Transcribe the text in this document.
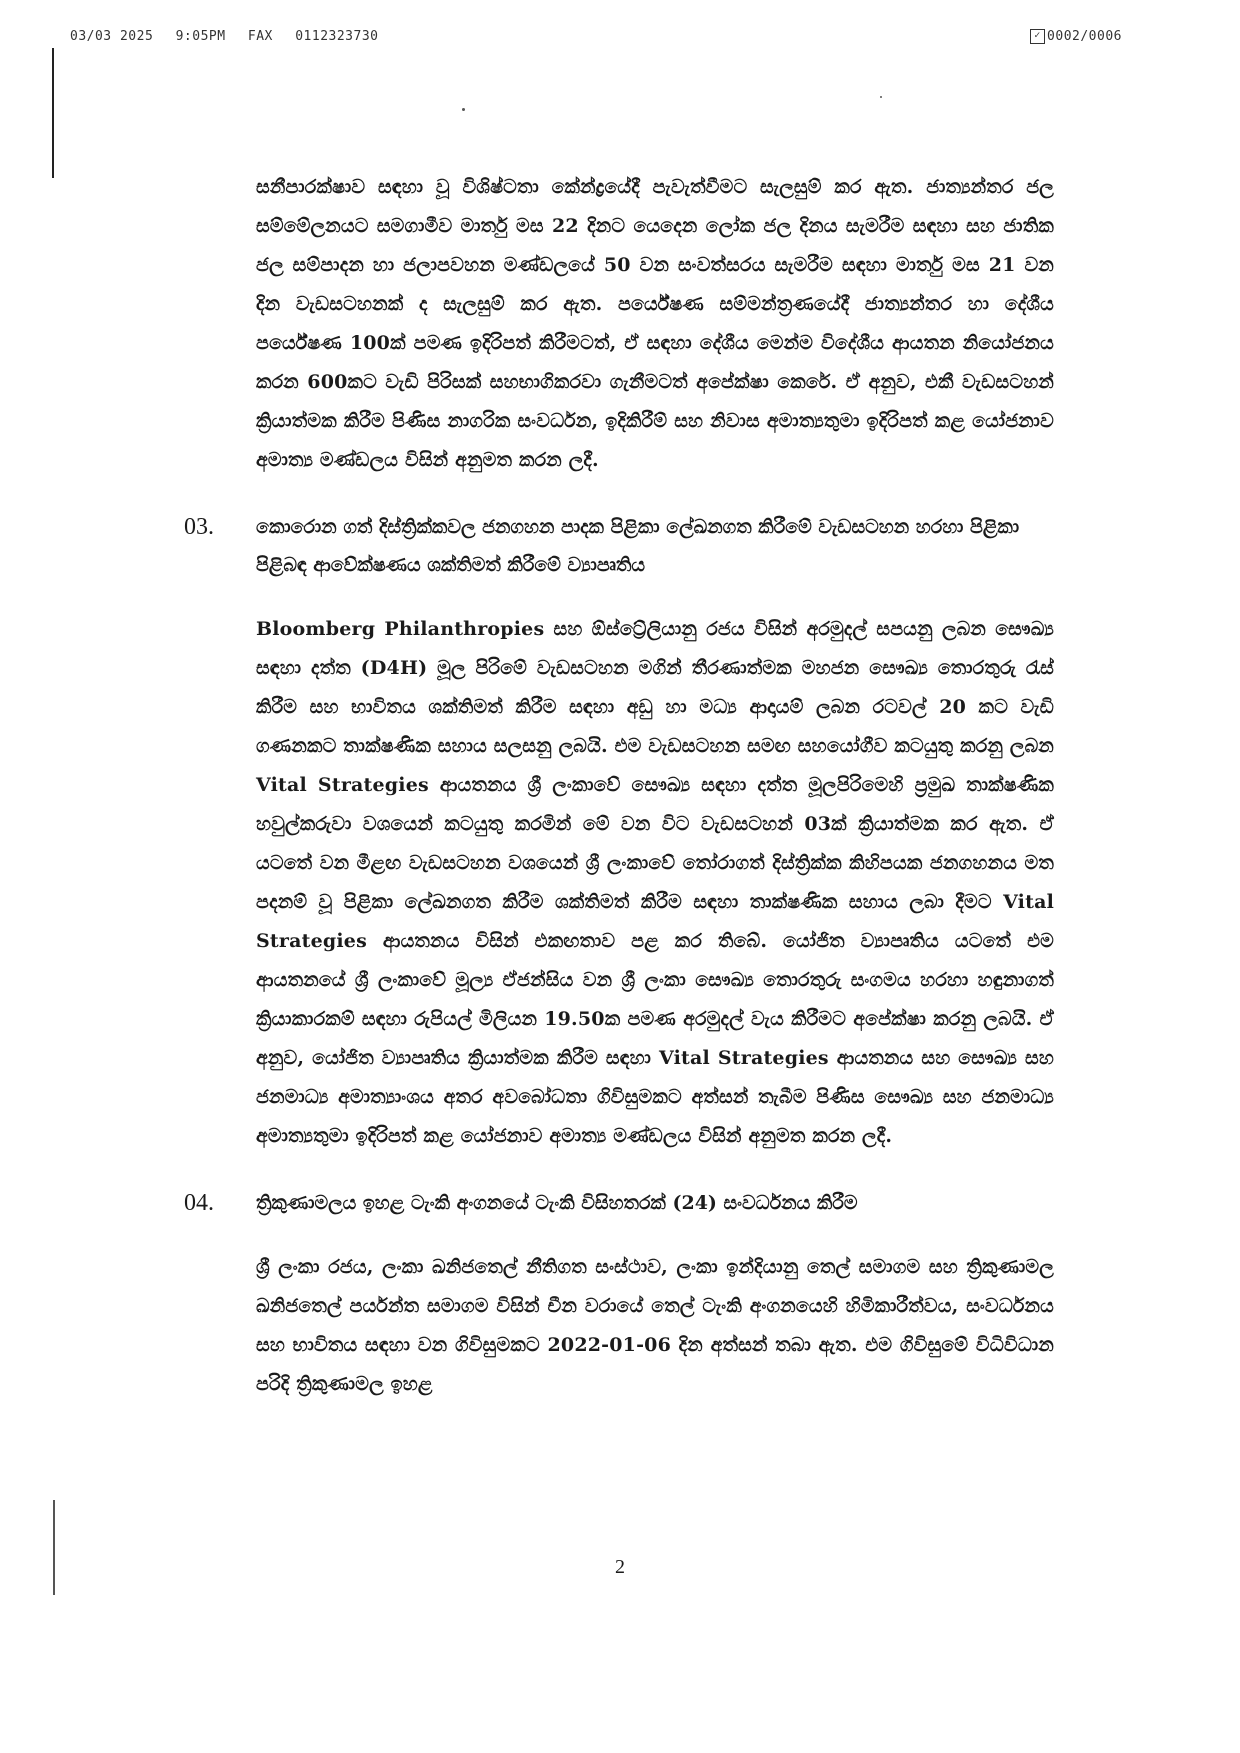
03/03 2025 9:05PM FAX 0112323730	✓ 0002/0006

සනීපාරක්ෂාව සඳහා වූ විශිෂ්ටතා කේන්ද්‍රයේදී පැවැත්වීමට සැලසුම් කර ඇත. ජාත්‍යන්තර ජල සම්මේලනයට සමගාමීව මාර්තු මස 22 දිනට යෙදෙන ලෝක ජල දිනය සැමරීම සඳහා සහ ජාතික ජල සම්පාදන හා ජලාපවහන මණ්ඩලයේ 50 වන සංවත්සරය සැමරීම සඳහා මාර්තු මස 21 වන දින වැඩසටහනක් ද සැලසුම් කර ඇත. පර්යේෂණ සම්මන්ත්‍රණයේදී ජාත්‍යන්තර හා දේශීය පර්යේෂණ 100ක් පමණ ඉදිරිපත් කිරීමටත්, ඒ සඳහා දේශීය මෙන්ම විදේශීය ආයතන නියෝජනය කරන 600කට වැඩි පිරිසක් සහභාගිකරවා ගැනීමටත් අපේක්ෂා කෙරේ. ඒ අනුව, එකී වැඩසටහන් ක්‍රියාත්මක කිරීම පිණිස නාගරික සංවර්ධන, ඉදිකිරීම් සහ නිවාස අමාත්‍යතුමා ඉදිරිපත් කළ යෝජනාව අමාත්‍ය මණ්ඩලය විසින් අනුමත කරන ලදී.

03.	කොරොන ගත් දිස්ත්‍රික්කවල ජනගහන පාදක පිළිකා ලේඛනගත කිරීමේ වැඩසටහන හරහා පිළිකා පිළිබඳ ආවේක්ෂණය ශක්තිමත් කිරීමේ ව්‍යාපෘතිය

Bloomberg Philanthropies සහ ඕස්ට්‍රේලියානු රජය විසින් අරමුදල් සපයනු ලබන සෞඛ්‍ය සඳහා දත්ත (D4H) මූල පිරිමේ වැඩසටහන මගින් තීරණාත්මක මහජන සෞඛ්‍ය තොරතුරු රැස් කිරීම සහ භාවිතය ශක්තිමත් කිරීම සඳහා අඩු හා මධ්‍ය ආදායම් ලබන රටවල් 20 කට වැඩි ගණනකට තාක්ෂණික සහාය සලසනු ලබයි. එම වැඩසටහන සමඟ සහයෝගීව කටයුතු කරනු ලබන Vital Strategies ආයතනය ශ්‍රී ලංකාවේ සෞඛ්‍ය සඳහා දත්ත මූලපිරිමෙහි ප්‍රමුඛ තාක්ෂණික හවුල්කරුවා වශයෙන් කටයුතු කරමින් මේ වන විට වැඩසටහන් 03ක් ක්‍රියාත්මක කර ඇත. ඒ යටතේ වන මීළඟ වැඩසටහන වශයෙන් ශ්‍රී ලංකාවේ තෝරාගත් දිස්ත්‍රික්ක කිහිපයක ජනගහනය මත පදනම් වූ පිළිකා ලේඛනගත කිරීම ශක්තිමත් කිරීම සඳහා තාක්ෂණික සහාය ලබා දීමට Vital Strategies ආයතනය විසින් එකඟතාව පළ කර තිබේ. යෝජිත ව්‍යාපෘතිය යටතේ එම ආයතනයේ ශ්‍රී ලංකාවේ මූල්‍ය ඒජන්සිය වන ශ්‍රී ලංකා සෞඛ්‍ය තොරතුරු සංගමය හරහා හඳුනාගත් ක්‍රියාකාරකම් සඳහා රුපියල් මිලියන 19.50ක පමණ අරමුදල් වැය කිරීමට අපේක්ෂා කරනු ලබයි. ඒ අනුව, යෝජිත ව්‍යාපෘතිය ක්‍රියාත්මක කිරීම සඳහා Vital Strategies ආයතනය සහ සෞඛ්‍ය සහ ජනමාධ්‍ය අමාත්‍යාංශය අතර අවබෝධතා ගිවිසුමකට අත්සන් තැබීම පිණිස සෞඛ්‍ය සහ ජනමාධ්‍ය අමාත්‍යතුමා ඉදිරිපත් කළ යෝජනාව අමාත්‍ය මණ්ඩලය විසින් අනුමත කරන ලදී.

04.	ත්‍රිකුණාමලය ඉහළ ටැංකි අංගනයේ ටැංකි විසිහතරක් (24) සංවර්ධනය කිරීම

ශ්‍රී ලංකා රජය, ලංකා ඛනිජතෙල් නීතිගත සංස්ථාව, ලංකා ඉන්දියානු තෙල් සමාගම සහ ත්‍රිකුණාමල ඛනිජතෙල් පර්යන්ත සමාගම විසින් චීන වරායේ තෙල් ටැංකි අංගනයෙහි හිමිකාරීත්වය, සංවර්ධනය සහ භාවිතය සඳහා වන ගිවිසුමකට 2022-01-06 දින අත්සන් තබා ඇත. එම ගිවිසුමේ විධිවිධාන පරිදි ත්‍රිකුණාමල ඉහළ

2
